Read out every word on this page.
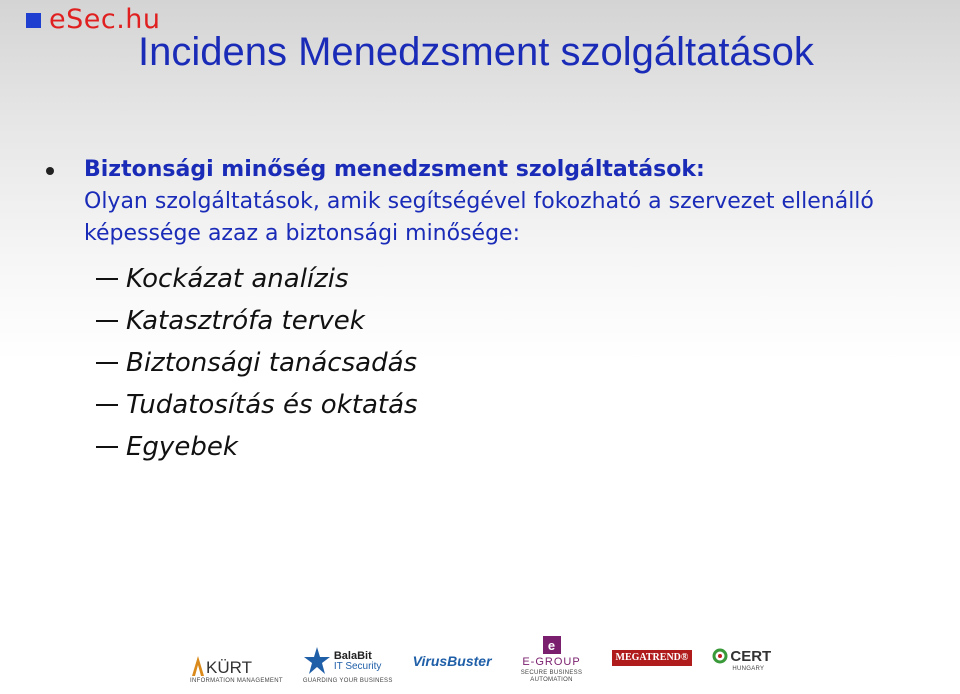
eSec.hu
Incidens Menedzsment szolgáltatások
Biztonsági minőség menedzsment szolgáltatások:
Olyan szolgáltatások, amik segítségével fokozható a szervezet ellenálló képessége azaz a biztonsági minősége:
Kockázat analízis
Katasztrófa tervek
Biztonsági tanácsadás
Tudatosítás és oktatás
Egyebek
KÜRT
INFORMATION MANAGEMENT
BalaBit
IT Security
GUARDING YOUR BUSINESS
VirusBuster
e
E-GROUP
SECURE BUSINESS AUTOMATION
MEGATREND®	CERT
HUNGARY
